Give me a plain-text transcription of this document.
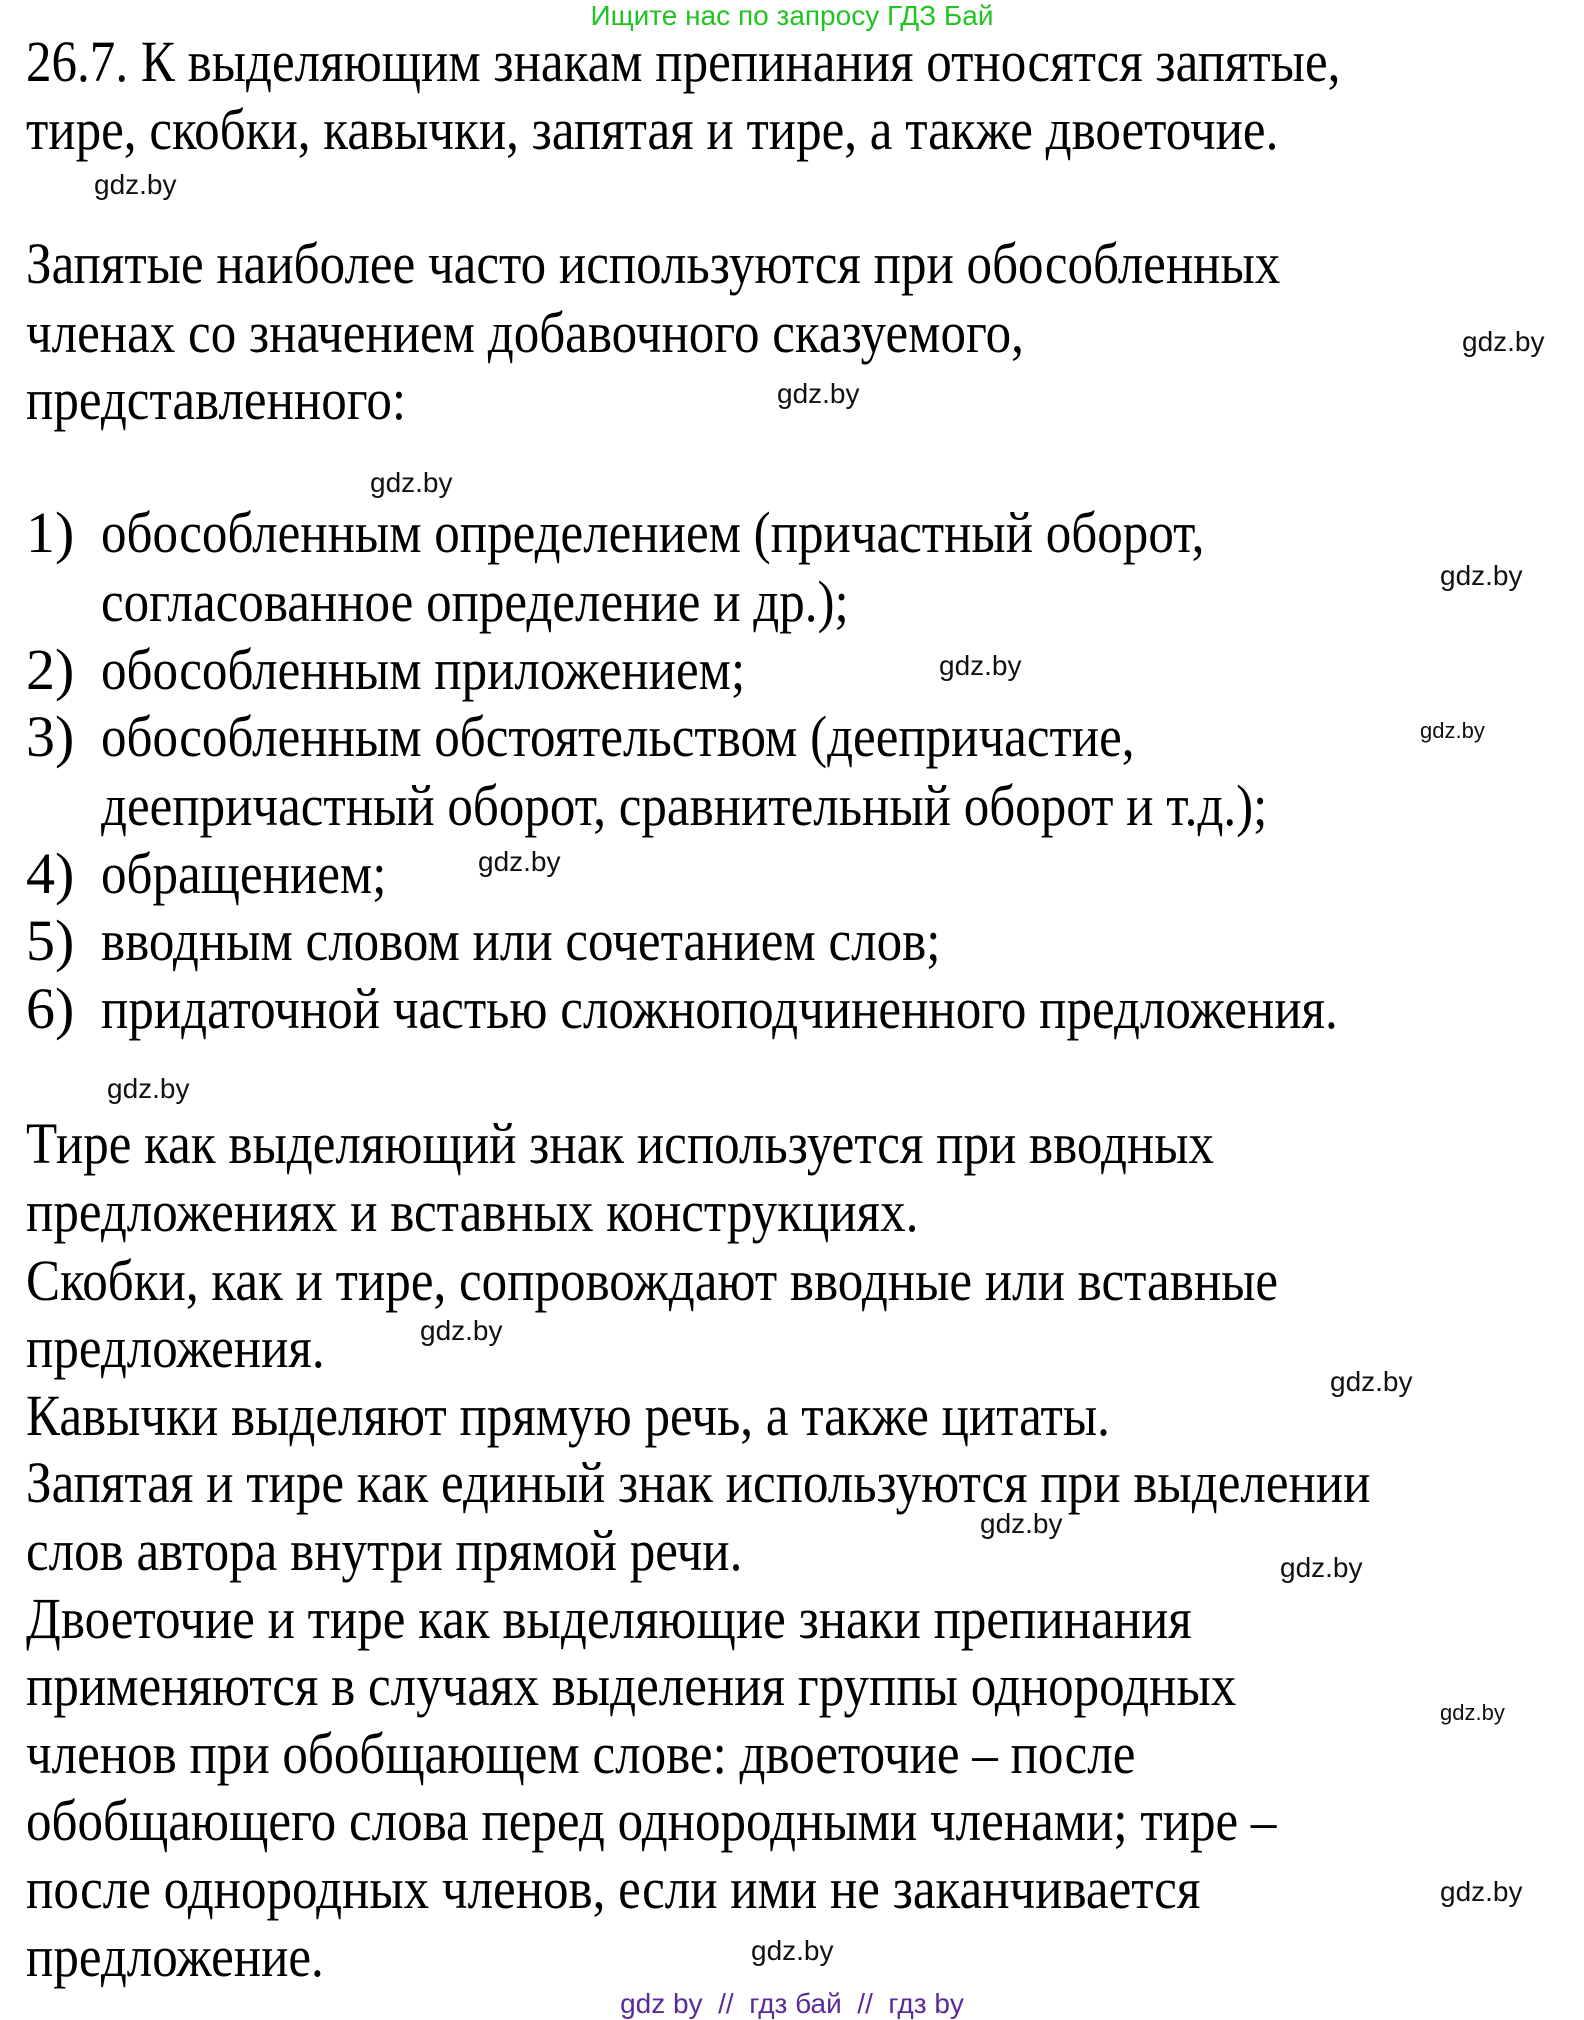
Ищите нас по запросу ГДЗ Бай
26.7. К выделяющим знакам препинания относятся запятые,
тире, скобки, кавычки, запятая и тире, а также двоеточие.
Запятые наиболее часто используются при обособленных
членах со значением добавочного сказуемого,
представленного:
1) обособленным определением (причастный оборот,
согласованное определение и др.);
2) обособленным приложением;
3) обособленным обстоятельством (деепричастие,
деепричастный оборот, сравнительный оборот и т.д.);
4) обращением;
5) вводным словом или сочетанием слов;
6) придаточной частью сложноподчиненного предложения.
Тире как выделяющий знак используется при вводных
предложениях и вставных конструкциях.
Скобки, как и тире, сопровождают вводные или вставные
предложения.
Кавычки выделяют прямую речь, а также цитаты.
Запятая и тире как единый знак используются при выделении
слов автора внутри прямой речи.
Двоеточие и тире как выделяющие знаки препинания
применяются в случаях выделения группы однородных
членов при обобщающем слове: двоеточие – после
обобщающего слова перед однородными членами; тире –
после однородных членов, если ими не заканчивается
предложение.
gdz.by
gdz.by
gdz.by
gdz.by
gdz.by
gdz.by
gdz.by
gdz.by
gdz.by
gdz.by
gdz.by
gdz.by
gdz.by
gdz.by
gdz.by
gdz.by
gdz by  //  гдз бай  //  гдз by
